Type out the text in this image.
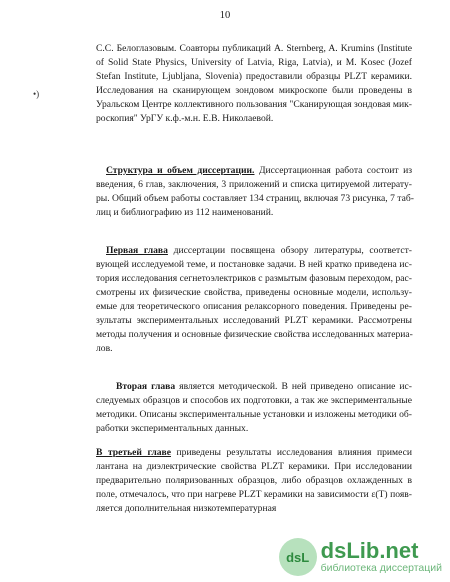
10
•)
С.С. Белоглазовым. Соавторы публикаций A. Sternberg, A. Krumins (Institute
of Solid State Physics, University of Latvia, Riga, Latvia), и M. Kosec (Jozef
Stefan Institute, Ljubljana, Slovenia) предоставили образцы PLZT керамики.
Исследования на сканирующем зондовом микроскопе были проведены в
Уральском Центре коллективного пользования "Сканирующая зондовая мик-
роскопия" УрГУ к.ф.-м.н. Е.В. Николаевой.
Структура и объем диссертации. Диссертационная работа состоит из
введения, 6 глав, заключения, 3 приложений и списка цитируемой литерату-
ры. Общий объем работы составляет 134 страниц, включая 73 рисунка, 7 таб-
лиц и библиографию из 112 наименований.
Первая глава диссертации посвящена обзору литературы, соответст-
вующей исследуемой теме, и постановке задачи. В ней кратко приведена ис-
тория исследования сегнетоэлектриков с размытым фазовым переходом, рас-
смотрены их физические свойства, приведены основные модели, использу-
емые для теоретического описания релаксорного поведения. Приведены ре-
зультаты экспериментальных исследований PLZT керамики. Рассмотрены
методы получения и основные физические свойства исследованных материа-
лов.
Вторая глава является методической. В ней приведено описание ис-
следуемых образцов и способов их подготовки, а так же экспериментальные
методики. Описаны экспериментальные установки и изложены методики об-
работки экспериментальных данных.
В третьей главе приведены результаты исследования влияния примеси
лантана на диэлектрические свойства PLZT керамики. При исследовании
предварительно поляризованных образцов, либо образцов охлажденных в
поле, отмечалось, что при нагреве PLZT керамики на зависимости ε(T) появ-
ляется дополнительная низкотемпературная
dsL dsLib.net
библиотека диссертаций
